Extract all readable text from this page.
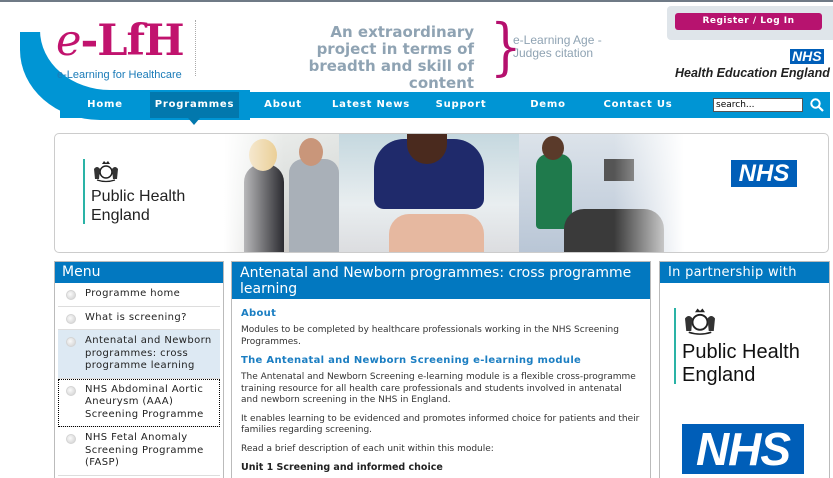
e-LfH
e-Learning for Healthcare
An extraordinary project in terms of breadth and skill of content }
e-Learning Age -
Judges citation
Register / Log In
NHS
Health Education England
Home	Programmes	About	Latest News	Support	Demo	Contact Us
search...
Public Health
England
NHS
Menu
Programme home
What is screening?
Antenatal and Newborn programmes: cross programme learning
NHS Abdominal Aortic Aneurysm (AAA) Screening Programme
NHS Fetal Anomaly Screening Programme (FASP)
Antenatal and Newborn programmes: cross programme learning
About

Modules to be completed by healthcare professionals working in the NHS Screening Programmes.

The Antenatal and Newborn Screening e-learning module

The Antenatal and Newborn Screening e-learning module is a flexible cross-programme training resource for all health care professionals and students involved in antenatal and newborn screening in the NHS in England.

It enables learning to be evidenced and promotes informed choice for patients and their families regarding screening.

Read a brief description of each unit within this module:

Unit 1 Screening and informed choice
In partnership with
Public Health
England
NHS
